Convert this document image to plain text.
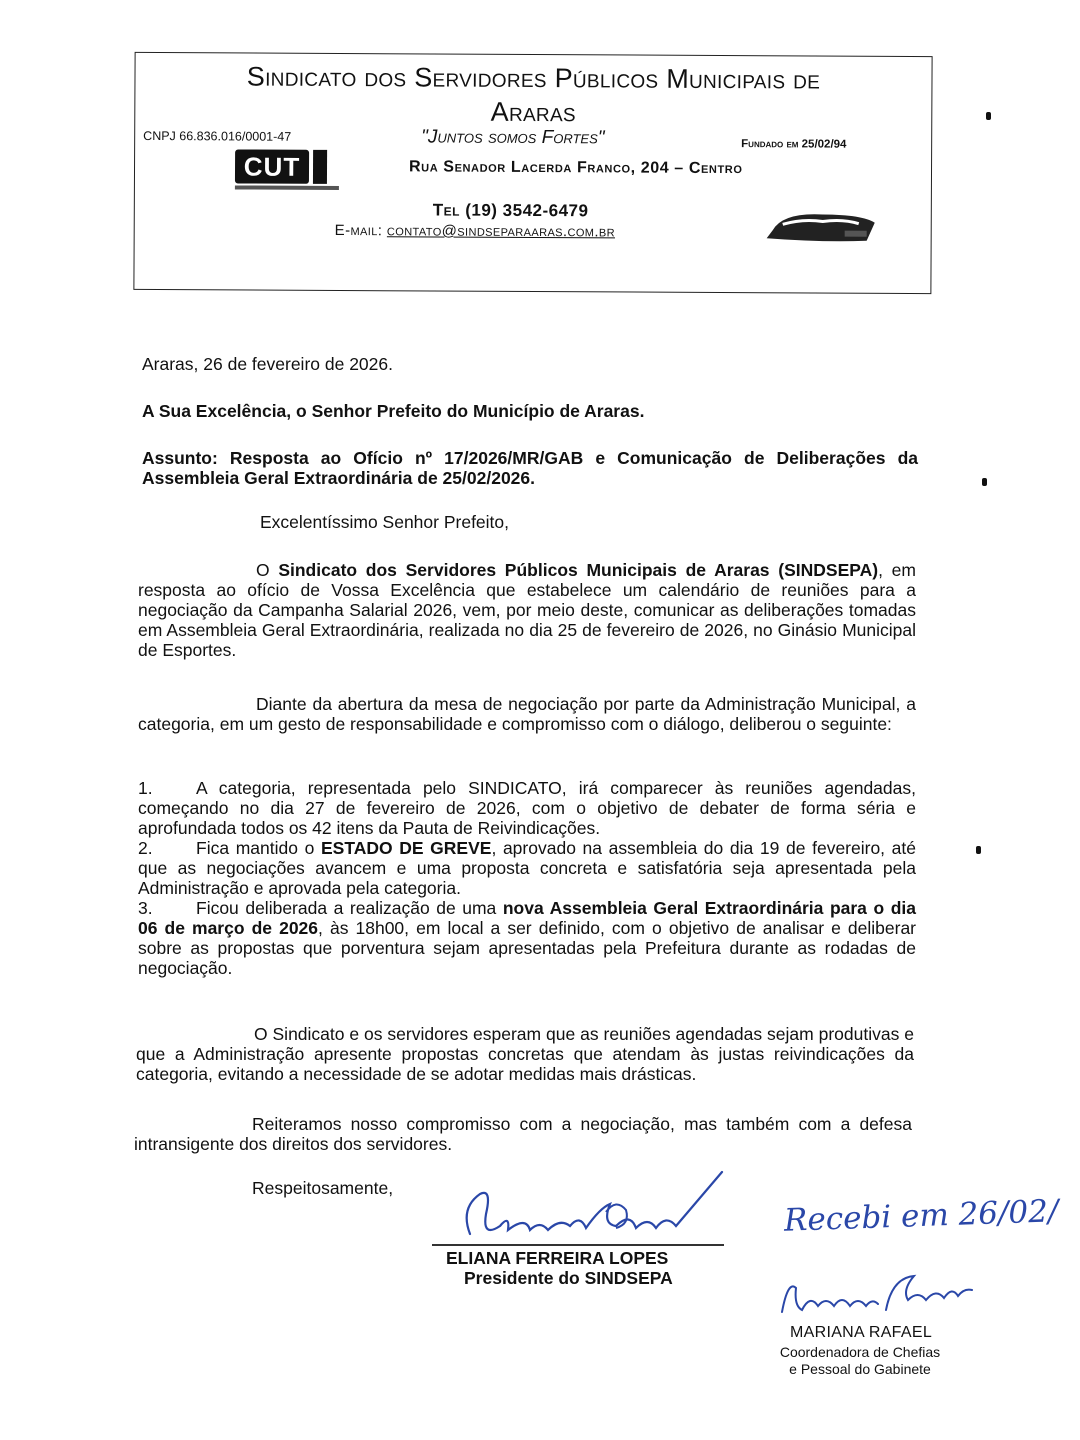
Sindicato dos Servidores Públicos Municipais de
Araras
CNPJ 66.836.016/0001-47	"Juntos somos Fortes"	Fundado em 25/02/94
CUT	Rua Senador Lacerda Franco, 204 – Centro
Tel (19) 3542-6479
E-mail: contato@sindseparaaras.com.br
Araras, 26 de fevereiro de 2026.
A Sua Excelência, o Senhor Prefeito do Município de Araras.
Assunto: Resposta ao Ofício nº 17/2026/MR/GAB e Comunicação de Deliberações da Assembleia Geral Extraordinária de 25/02/2026.
Excelentíssimo Senhor Prefeito,
O Sindicato dos Servidores Públicos Municipais de Araras (SINDSEPA), em resposta ao ofício de Vossa Excelência que estabelece um calendário de reuniões para a negociação da Campanha Salarial 2026, vem, por meio deste, comunicar as deliberações tomadas em Assembleia Geral Extraordinária, realizada no dia 25 de fevereiro de 2026, no Ginásio Municipal de Esportes.
Diante da abertura da mesa de negociação por parte da Administração Municipal, a categoria, em um gesto de responsabilidade e compromisso com o diálogo, deliberou o seguinte:
1. A categoria, representada pelo SINDICATO, irá comparecer às reuniões agendadas, começando no dia 27 de fevereiro de 2026, com o objetivo de debater de forma séria e aprofundada todos os 42 itens da Pauta de Reivindicações.
2. Fica mantido o ESTADO DE GREVE, aprovado na assembleia do dia 19 de fevereiro, até que as negociações avancem e uma proposta concreta e satisfatória seja apresentada pela Administração e aprovada pela categoria.
3. Ficou deliberada a realização de uma nova Assembleia Geral Extraordinária para o dia 06 de março de 2026, às 18h00, em local a ser definido, com o objetivo de analisar e deliberar sobre as propostas que porventura sejam apresentadas pela Prefeitura durante as rodadas de negociação.
O Sindicato e os servidores esperam que as reuniões agendadas sejam produtivas e que a Administração apresente propostas concretas que atendam às justas reivindicações da categoria, evitando a necessidade de se adotar medidas mais drásticas.
Reiteramos nosso compromisso com a negociação, mas também com a defesa intransigente dos direitos dos servidores.
Respeitosamente,
ELIANA FERREIRA LOPES
Presidente do SINDSEPA
Recebi em 26/02/
MARIANA RAFAEL
Coordenadora de Chefias
e Pessoal do Gabinete
